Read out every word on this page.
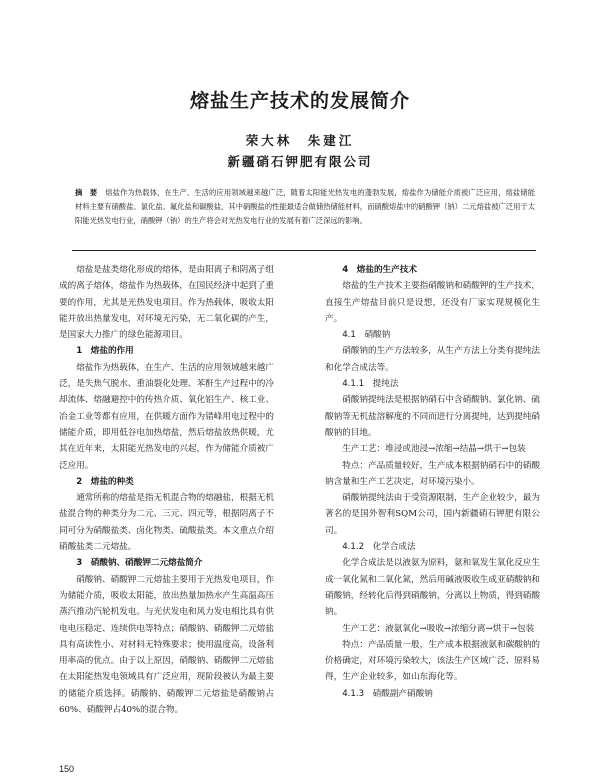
熔盐生产技术的发展简介
荣大林　朱建江
新疆硝石钾肥有限公司
摘　要 熔盐作为热载体，在生产、生活的应用领域越来越广泛，随着太阳能光热发电的蓬勃发展，熔盐作为储能介质被广泛应用，熔盐储能材料主要有硝酸盐、氯化盐、氟化盐和碳酸盐，其中硝酸盐的性能最适合做储热储能材料，而硝酸熔盐中的硝酸钾（钠）二元熔盐被广泛用于太阳能光热发电行业，硝酸钾（钠）的生产将会对光热发电行业的发展有着广泛深远的影响。

熔盐是盐类熔化形成的熔体，是由阳离子和阴离子组成的离子熔体，熔盐作为热载体，在国民经济中起到了重要的作用，尤其是光热发电项目。作为热载体，吸收太阳能并放出热量发电，对环境无污染，无二氧化碳的产生，是国家大力推广的绿色能源项目。

1　熔盐的作用

熔盐作为热载体，在生产、生活的应用领域越来越广泛，是失焦气脱水、重油裂化处理、苯酐生产过程中的冷却流体、熔融避控中的传热介质、氧化铝生产、核工业、冶金工业等都有应用，在供暖方面作为错峰用电过程中的储能介质，即用低谷电加热熔盐，然后熔盐放热供暖，尤其在近年来，太阳能光热发电的兴起，作为储能介质被广泛应用。

2　熔盐的种类

通常所称的熔盐是指无机混合物的熔融盐，根据无机盐混合物的种类分为二元、三元、四元等，根据阴离子不同可分为硝酸盐类、卤化物类、硫酸盐类。本文重点介绍硝酸盐类二元熔盐。

3　硝酸钠、硝酸钾二元熔盐简介

硝酸钠、硝酸钾二元熔盐主要用于光热发电项目，作为储能介质，吸收太阳能，放出热量加热水产生高温高压蒸汽推动汽轮机发电。与光伏发电和风力发电相比具有供电电压稳定、连续供电等特点；硝酸钠、硝酸钾二元熔盐具有高读性小、对材料无特殊要求；使用温度高，设备利用率高的优点。由于以上原因，硝酸钠、硝酸钾二元熔盐在太阳能热发电领域具有广泛应用，现阶段被认为最主要的储能介质选择。硝酸钠、硝酸钾二元熔盐是硝酸钠占60%、硝酸钾占40%的混合物。

4　熔盐的生产技术

熔盐的生产技术主要指硝酸钠和硝酸钾的生产技术，直接生产熔盐目前只是设想，还没有厂家实现规模化生产。

4.1　硝酸钠

硝酸钠的生产方法较多，从生产方法上分类有提纯法和化学合成法等。

4.1.1　提纯法

硝酸钠提纯法是根据钠硝石中含硝酸钠、氯化钠、硫酸钠等无机盐溶解度的不同而进行分离提纯，达到提纯硝酸钠的目地。

生产工艺：堆浸或池浸→浓缩→结晶→烘干→包装

特点：产品质量较好，生产成本根据钠硝石中的硝酸钠含量和生产工艺决定，对环境污染小。

硝酸钠提纯法由于受资源限制，生产企业较少，最为著名的是国外智利SQM公司，国内新疆硝石钾肥有限公司。

4.1.2　化学合成法

化学合成法是以液氨为原料，氨和氧发生氧化反应生成一氧化氮和二氧化氮，然后用碱液吸收生成亚硝酸钠和硝酸钠，经转化后得到硝酸钠，分离以上物质，得到硝酸钠。

生产工艺：液氨氧化→吸收→浓缩分离→烘干→包装

特点：产品质量一般，生产成本根据液氨和碳酸钠的价格确定，对环境污染较大，该法生产区域广泛、原料易得，生产企业较多，如山东海化等。

4.1.3　硝酸副产硝酸钠
150
